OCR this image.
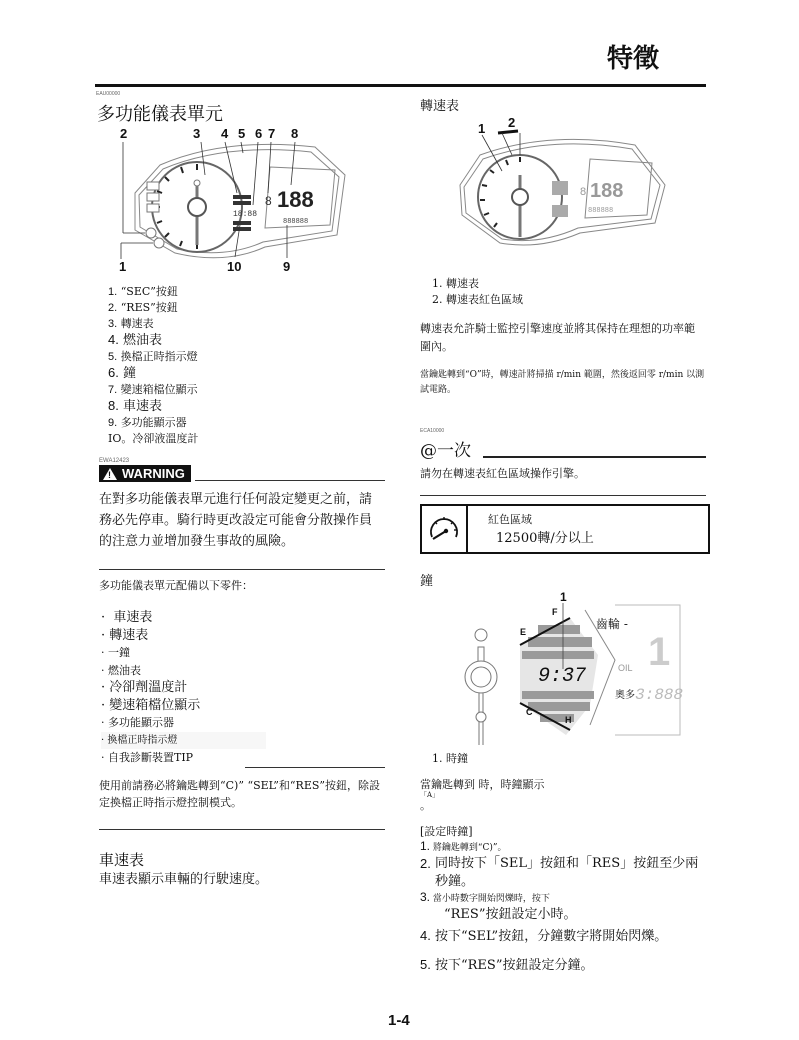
特徵
EAU00000
多功能儀表單元
2	3 4 5 6 7 8
1	10	9
18:88
188
8
888888
1. “SEC”按鈕
2. “RES”按鈕
3. 轉速表
4. 燃油表
5. 換檔正時指示燈
6. 鐘
7. 變速箱檔位顯示
8. 車速表
9. 多功能顯示器
IO。冷卻液溫度計
EWA12423
! WARNING
在對多功能儀表單元進行任何設定變更之前，請務必先停車。騎行時更改設定可能會分散操作員的注意力並增加發生事故的風險。
多功能儀表單元配備以下零件：
·  車速表
· 轉速表
· 一鐘
· 燃油表
· 冷卻劑溫度計
· 變速箱檔位顯示
· 多功能顯示器
· 換檔正時指示燈
· 自我診斷裝置TIP
使用前請務必將鑰匙轉到“C)” “SEL”和“RES”按鈕，除設定換檔正時指示燈控制模式。
車速表
車速表顯示車輛的行駛速度。
轉速表
1 2
188
8
888888
1. 轉速表
2. 轉速表紅色區域
轉速表允許騎士監控引擎速度並將其保持在理想的功率範圍內。
當鑰匙轉到“O”時，轉速計將掃描 r/min 範圍，然後返回零 r/min 以測試電路。
ECA10000
@一次
請勿在轉速表紅色區域操作引擎。
紅色區域
12500轉/分以上
鐘
9:37
E
F
C
H
1
齒輪 -
1
OIL
奧多 3:888
1. 時鐘
當鑰匙轉到 時，時鐘顯示
「A」
。
[設定時鐘]
1. 將鑰匙轉到“C)”。
2. 同時按下「SEL」按鈕和「RES」按鈕至少兩秒鐘。
3. 當小時數字開始閃爍時，按下
“RES”按鈕設定小時。
4. 按下“SEL”按鈕，分鐘數字將開始閃爍。
5. 按下“RES”按鈕設定分鐘。
1-4
